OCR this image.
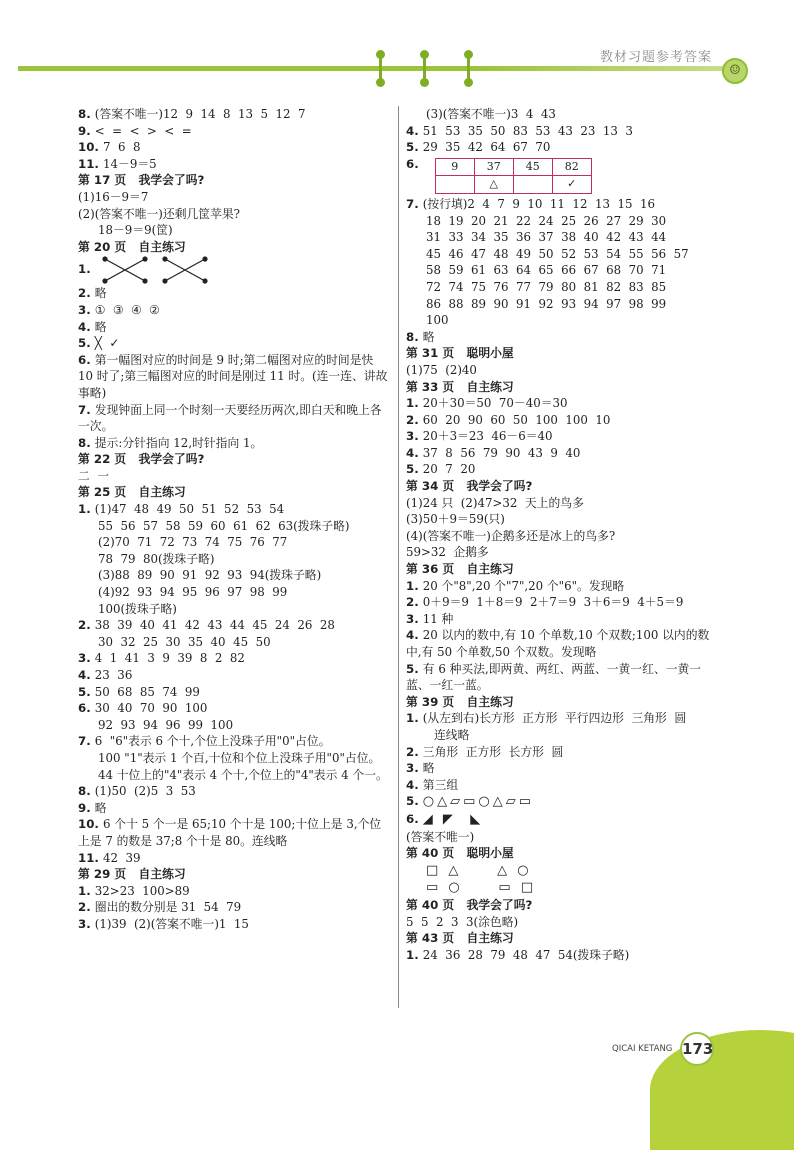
教材习题参考答案
☺
8. (答案不唯一)12  9  14  8  13  5  12  7
9. <  =  <  >  <  =
10. 7  6  8
11. 14－9＝5
第 17 页   我学会了吗?
(1)16－9＝7
(2)(答案不唯一)还剩几筐苹果?
18－9＝9(筐)
第 20 页   自主练习
1.
2. 略
3. ①  ③  ④  ②
4. 略
5. ╳  ✓
6. 第一幅图对应的时间是 9 时;第二幅图对应的时间是快 10 时了;第三幅图对应的时间是刚过 11 时。(连一连、讲故事略)
7. 发现钟面上同一个时刻一天要经历两次,即白天和晚上各一次。
8. 提示:分针指向 12,时针指向 1。
第 22 页   我学会了吗?
二  一
第 25 页   自主练习
1. (1)47  48  49  50  51  52  53  54
55  56  57  58  59  60  61  62  63(拨珠子略)
(2)70  71  72  73  74  75  76  77
78  79  80(拨珠子略)
(3)88  89  90  91  92  93  94(拨珠子略)
(4)92  93  94  95  96  97  98  99
100(拨珠子略)
2. 38  39  40  41  42  43  44  45  24  26  28
30  32  25  30  35  40  45  50
3. 4  1  41  3  9  39  8  2  82
4. 23  36
5. 50  68  85  74  99
6. 30  40  70  90  100
92  93  94  96  99  100
7. 6  "6"表示 6 个十,个位上没珠子用"0"占位。
100 "1"表示 1 个百,十位和个位上没珠子用"0"占位。
44 十位上的"4"表示 4 个十,个位上的"4"表示 4 个一。
8. (1)50  (2)5  3  53
9. 略
10. 6 个十 5 个一是 65;10 个十是 100;十位上是 3,个位上是 7 的数是 37;8 个十是 80。连线略
11. 42  39
第 29 页   自主练习
1. 32>23  100>89
2. 圈出的数分别是 31  54  79
3. (1)39  (2)(答案不唯一)1  15
(3)(答案不唯一)3  4  43
4. 51  53  35  50  83  53  43  23  13  3
5. 29  35  42  64  67  70
6.	9	37	45	82
	△		✓
7. (按行填)2  4  7  9  10  11  12  13  15  16
18  19  20  21  22  24  25  26  27  29  30
31  33  34  35  36  37  38  40  42  43  44
45  46  47  48  49  50  52  53  54  55  56  57
58  59  61  63  64  65  66  67  68  70  71
72  74  75  76  77  79  80  81  82  83  85
86  88  89  90  91  92  93  94  97  98  99
100
8. 略
第 31 页   聪明小屋
(1)75  (2)40
第 33 页   自主练习
1. 20＋30＝50  70－40＝30
2. 60  20  90  60  50  100  100  10
3. 20＋3＝23  46－6＝40
4. 37  8  56  79  90  43  9  40
5. 20  7  20
第 34 页   我学会了吗?
(1)24 只  (2)47>32  天上的鸟多
(3)50＋9＝59(只)
(4)(答案不唯一)企鹅多还是冰上的鸟多?
59>32  企鹅多
第 36 页   自主练习
1. 20 个"8",20 个"7",20 个"6"。发现略
2. 0＋9＝9  1＋8＝9  2＋7＝9  3＋6＝9  4＋5＝9
3. 11 种
4. 20 以内的数中,有 10 个单数,10 个双数;100 以内的数中,有 50 个单数,50 个双数。发现略
5. 有 6 种买法,即两黄、两红、两蓝、一黄一红、一黄一蓝、一红一蓝。
第 39 页   自主练习
1. (从左到右)长方形  正方形  平行四边形  三角形  圆
连线略
2. 三角形  正方形  长方形  圆
3. 略
4. 第三组
5. ○△▱▭○△▱▭
6. ◢ ◤  ◣
(答案不唯一)
第 40 页   聪明小屋
□ △     △ ○
▭ ○     ▭ □
第 40 页   我学会了吗?
5  5  2  3  3(涂色略)
第 43 页   自主练习
1. 24  36  28  79  48  47  54(拨珠子略)
QICAI KETANG 173
